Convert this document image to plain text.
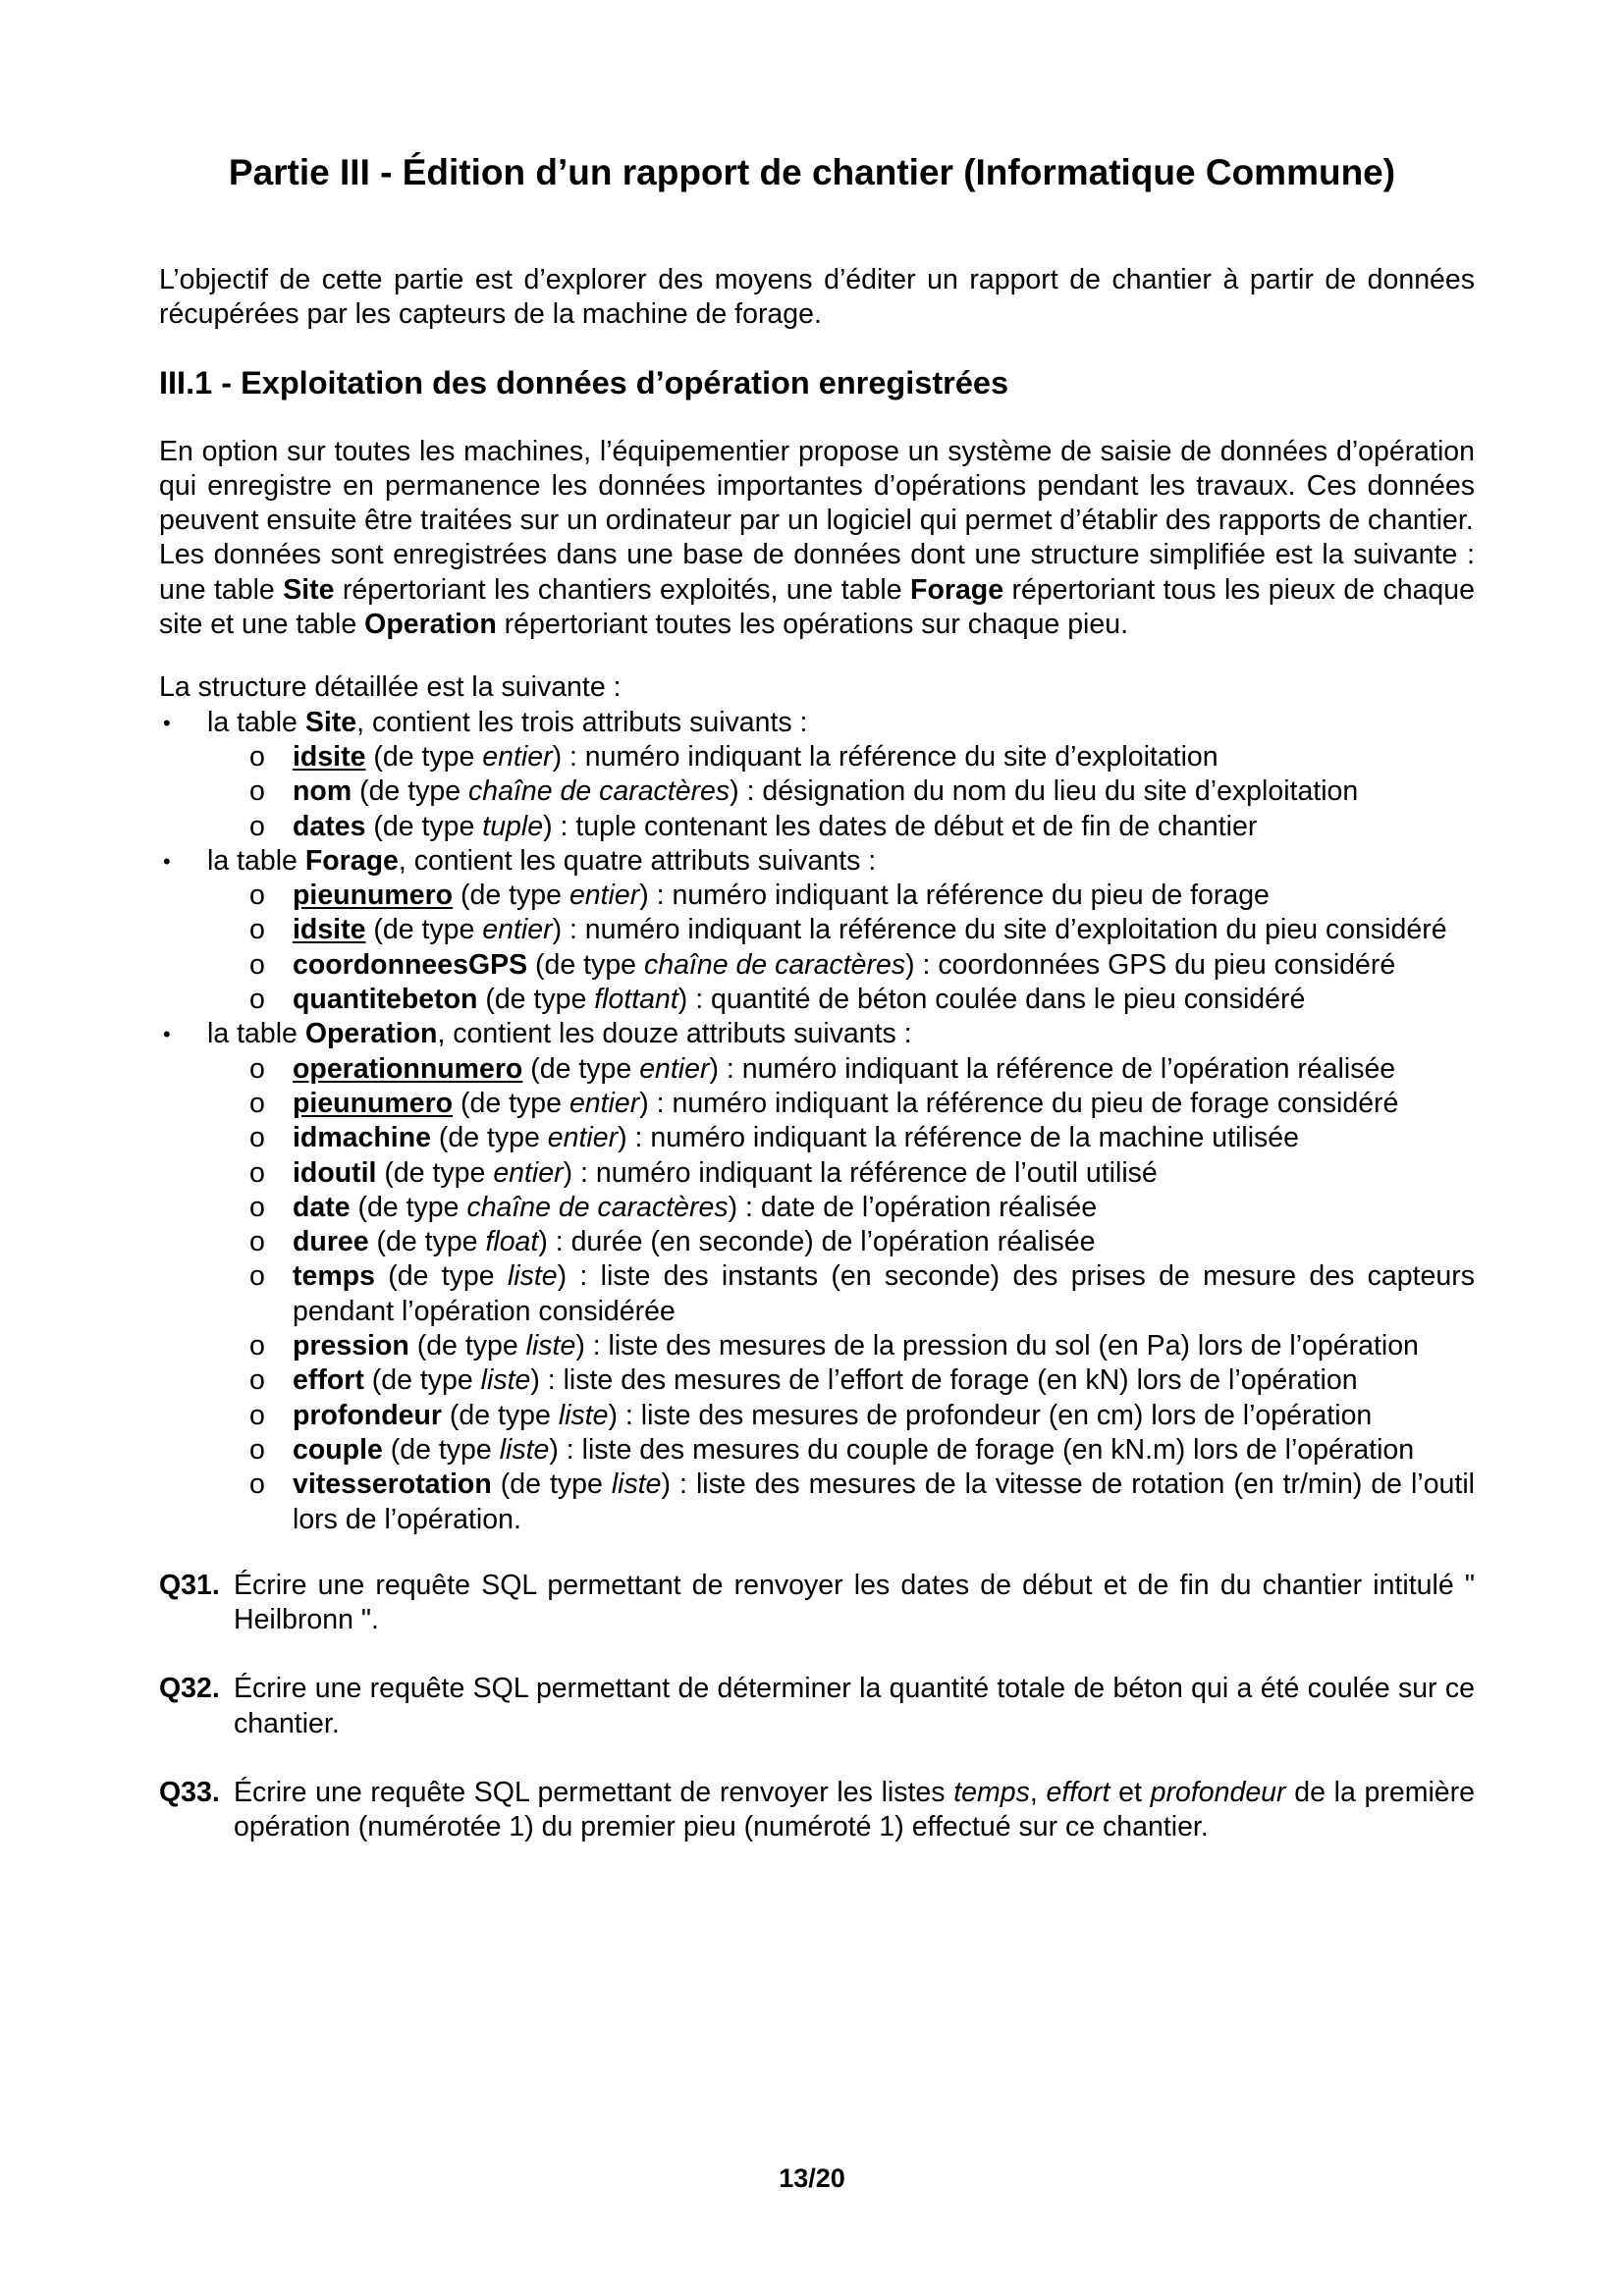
Partie III - Édition d’un rapport de chantier (Informatique Commune)

L’objectif de cette partie est d’explorer des moyens d’éditer un rapport de chantier à partir de données récupérées par les capteurs de la machine de forage.

III.1 - Exploitation des données d’opération enregistrées

En option sur toutes les machines, l’équipementier propose un système de saisie de données d’opération qui enregistre en permanence les données importantes d’opérations pendant les travaux. Ces données peuvent ensuite être traitées sur un ordinateur par un logiciel qui permet d’établir des rapports de chantier.

Les données sont enregistrées dans une base de données dont une structure simplifiée est la suivante : une table Site répertoriant les chantiers exploités, une table Forage répertoriant tous les pieux de chaque site et une table Operation répertoriant toutes les opérations sur chaque pieu.

La structure détaillée est la suivante :

• la table Site, contient les trois attributs suivants :
o idsite (de type entier) : numéro indiquant la référence du site d’exploitation
o nom (de type chaîne de caractères) : désignation du nom du lieu du site d’exploitation
o dates (de type tuple) : tuple contenant les dates de début et de fin de chantier
• la table Forage, contient les quatre attributs suivants :
o pieunumero (de type entier) : numéro indiquant la référence du pieu de forage
o idsite (de type entier) : numéro indiquant la référence du site d’exploitation du pieu considéré
o coordonneesGPS (de type chaîne de caractères) : coordonnées GPS du pieu considéré
o quantitebeton (de type flottant) : quantité de béton coulée dans le pieu considéré
• la table Operation, contient les douze attributs suivants :
o operationnumero (de type entier) : numéro indiquant la référence de l’opération réalisée
o pieunumero (de type entier) : numéro indiquant la référence du pieu de forage considéré
o idmachine (de type entier) : numéro indiquant la référence de la machine utilisée
o idoutil (de type entier) : numéro indiquant la référence de l’outil utilisé
o date (de type chaîne de caractères) : date de l’opération réalisée
o duree (de type float) : durée (en seconde) de l’opération réalisée
o temps (de type liste) : liste des instants (en seconde) des prises de mesure des capteurs pendant l’opération considérée
o pression (de type liste) : liste des mesures de la pression du sol (en Pa) lors de l’opération
o effort (de type liste) : liste des mesures de l’effort de forage (en kN) lors de l’opération
o profondeur (de type liste) : liste des mesures de profondeur (en cm) lors de l’opération
o couple (de type liste) : liste des mesures du couple de forage (en kN.m) lors de l’opération
o vitesserotation (de type liste) : liste des mesures de la vitesse de rotation (en tr/min) de l’outil lors de l’opération.
Q31. Écrire une requête SQL permettant de renvoyer les dates de début et de fin du chantier intitulé " Heilbronn ".
Q32. Écrire une requête SQL permettant de déterminer la quantité totale de béton qui a été coulée sur ce chantier.
Q33. Écrire une requête SQL permettant de renvoyer les listes temps, effort et profondeur de la première opération (numérotée 1) du premier pieu (numéroté 1) effectué sur ce chantier.
13/20
